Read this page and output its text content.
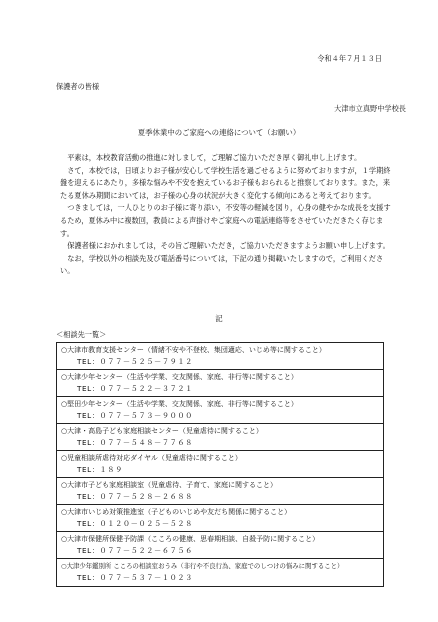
令和４年７月１３日
保護者の皆様
大津市立真野中学校長
夏季休業中のご家庭への連絡について（お願い）

平素は，本校教育活動の推進に対しまして，ご理解ご協力いただき厚く御礼申し上げます。

さて，本校では，日頃よりお子様が安心して学校生活を過ごせるように努めておりますが，１学期終盤を迎えるにあたり，多様な悩みや不安を抱えているお子様もおられると推察しております。また，来たる夏休み期間においては，お子様の心身の状況が大きく変化する傾向にあると考えております。

つきましては，一人ひとりのお子様に寄り添い，不安等の軽減を図り，心身の健やかな成長を支援するため，夏休み中に複数回，教員による声掛けやご家庭への電話連絡等をさせていただきたく存じます。

保護者様におかれましては，その旨ご理解いただき，ご協力いただきますようお願い申し上げます。

なお，学校以外の相談先及び電話番号については，下記の通り掲載いたしますので，ご利用ください。

記
＜相談先一覧＞
○大津市教育支援センター（情緒不安や不登校、集団適応、いじめ等に関すること）
TEL：０７７－５２５－７９１２
○大津少年センター（生活や学業、交友関係、家庭、非行等に関すること）
TEL：０７７－５２２－３７２１
○堅田少年センター（生活や学業、交友関係、家庭、非行等に関すること）
TEL：０７７－５７３－９０００
○大津・高島子ども家庭相談センター（児童虐待に関すること）
TEL：０７７－５４８－７７６８
○児童相談所虐待対応ダイヤル（児童虐待に関すること）
TEL：１８９
○大津市子ども家庭相談室（児童虐待、子育て、家庭に関すること）
TEL：０７７－５２８－２６８８
○大津市いじめ対策推進室（子どものいじめや友だち関係に関すること）
TEL：０１２０－０２５－５２８
○大津市保健所保健予防課（こころの健康、思春期相談、自殺予防に関すること）
TEL：０７７－５２２－６７５６
○大津少年鑑別所 こころの相談室おうみ（非行や不良行為、家庭でのしつけの悩みに関すること）
TEL：０７７－５３７－１０２３
